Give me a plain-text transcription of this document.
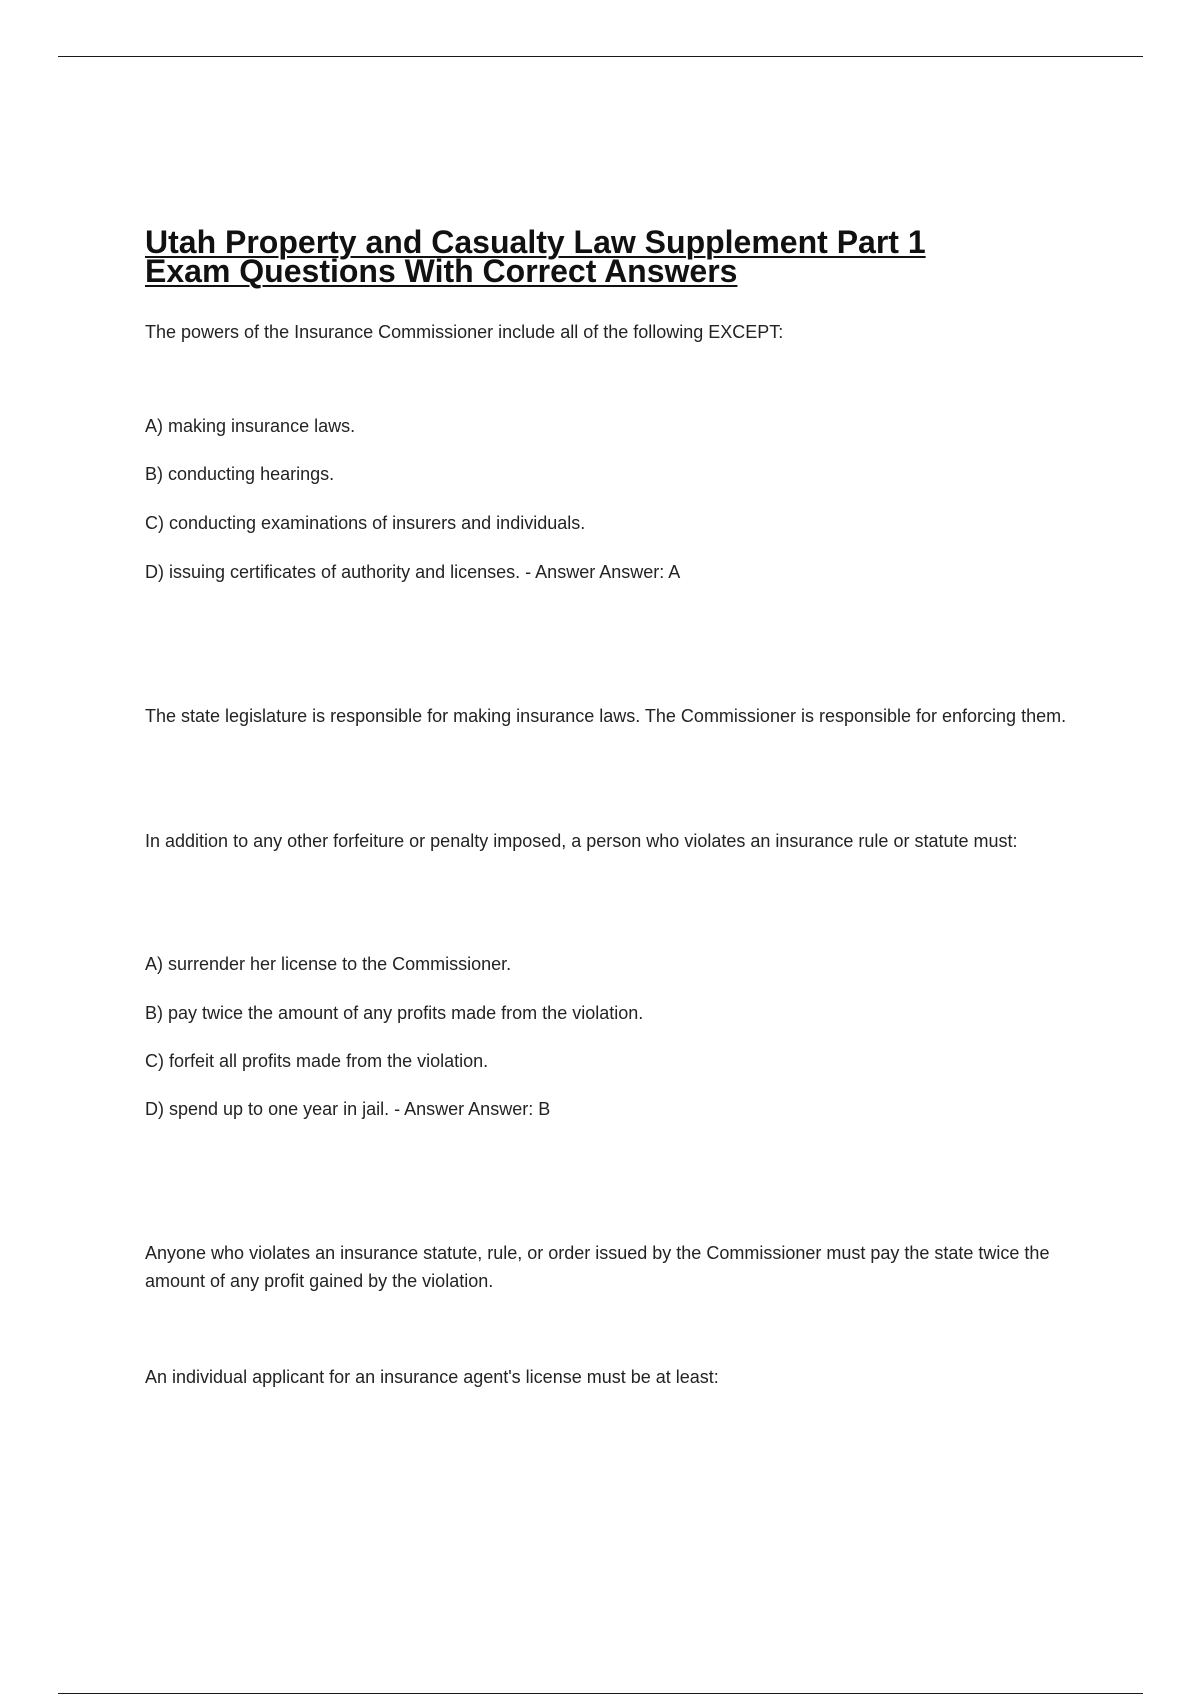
Utah Property and Casualty Law Supplement Part 1
Exam Questions With Correct Answers

The powers of the Insurance Commissioner include all of the following EXCEPT:

A) making insurance laws.

B) conducting hearings.

C) conducting examinations of insurers and individuals.

D) issuing certificates of authority and licenses. - Answer Answer: A

The state legislature is responsible for making insurance laws. The Commissioner is responsible for enforcing them.

In addition to any other forfeiture or penalty imposed, a person who violates an insurance rule or statute must:

A) surrender her license to the Commissioner.

B) pay twice the amount of any profits made from the violation.

C) forfeit all profits made from the violation.

D) spend up to one year in jail. - Answer Answer: B

Anyone who violates an insurance statute, rule, or order issued by the Commissioner must pay the state twice the amount of any profit gained by the violation.

An individual applicant for an insurance agent's license must be at least:
